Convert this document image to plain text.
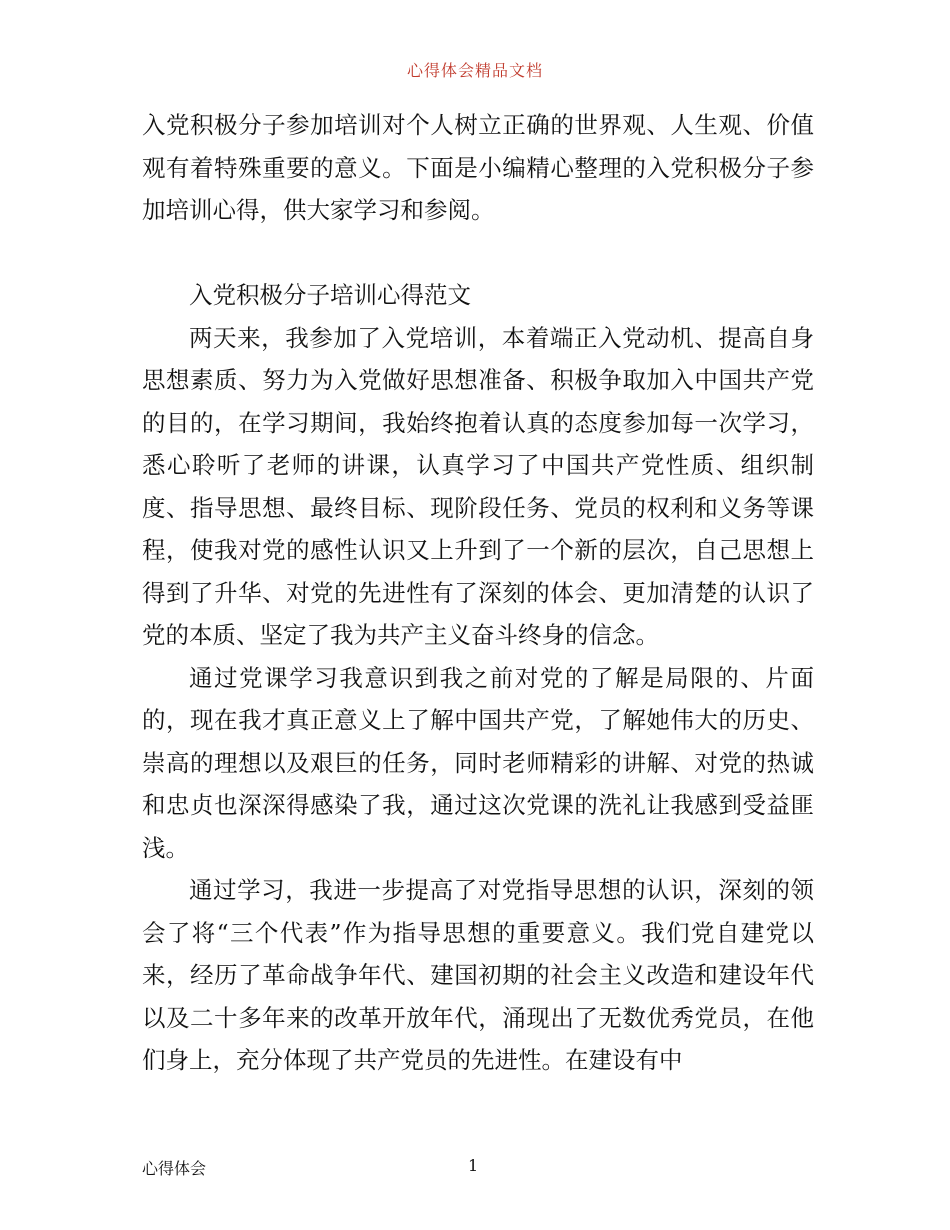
心得体会精品文档

入党积极分子参加培训对个人树立正确的世界观、人生观、价值观有着特殊重要的意义。下面是小编精心整理的入党积极分子参加培训心得，供大家学习和参阅。

入党积极分子培训心得范文

两天来，我参加了入党培训，本着端正入党动机、提高自身思想素质、努力为入党做好思想准备、积极争取加入中国共产党的目的，在学习期间，我始终抱着认真的态度参加每一次学习，悉心聆听了老师的讲课，认真学习了中国共产党性质、组织制度、指导思想、最终目标、现阶段任务、党员的权利和义务等课程，使我对党的感性认识又上升到了一个新的层次，自己思想上得到了升华、对党的先进性有了深刻的体会、更加清楚的认识了党的本质、坚定了我为共产主义奋斗终身的信念。

通过党课学习我意识到我之前对党的了解是局限的、片面的，现在我才真正意义上了解中国共产党，了解她伟大的历史、崇高的理想以及艰巨的任务，同时老师精彩的讲解、对党的热诚和忠贞也深深得感染了我，通过这次党课的洗礼让我感到受益匪浅。

通过学习，我进一步提高了对党指导思想的认识，深刻的领会了将“三个代表”作为指导思想的重要意义。我们党自建党以来，经历了革命战争年代、建国初期的社会主义改造和建设年代以及二十多年来的改革开放年代，涌现出了无数优秀党员，在他们身上，充分体现了共产党员的先进性。在建设有中

心得体会	1
